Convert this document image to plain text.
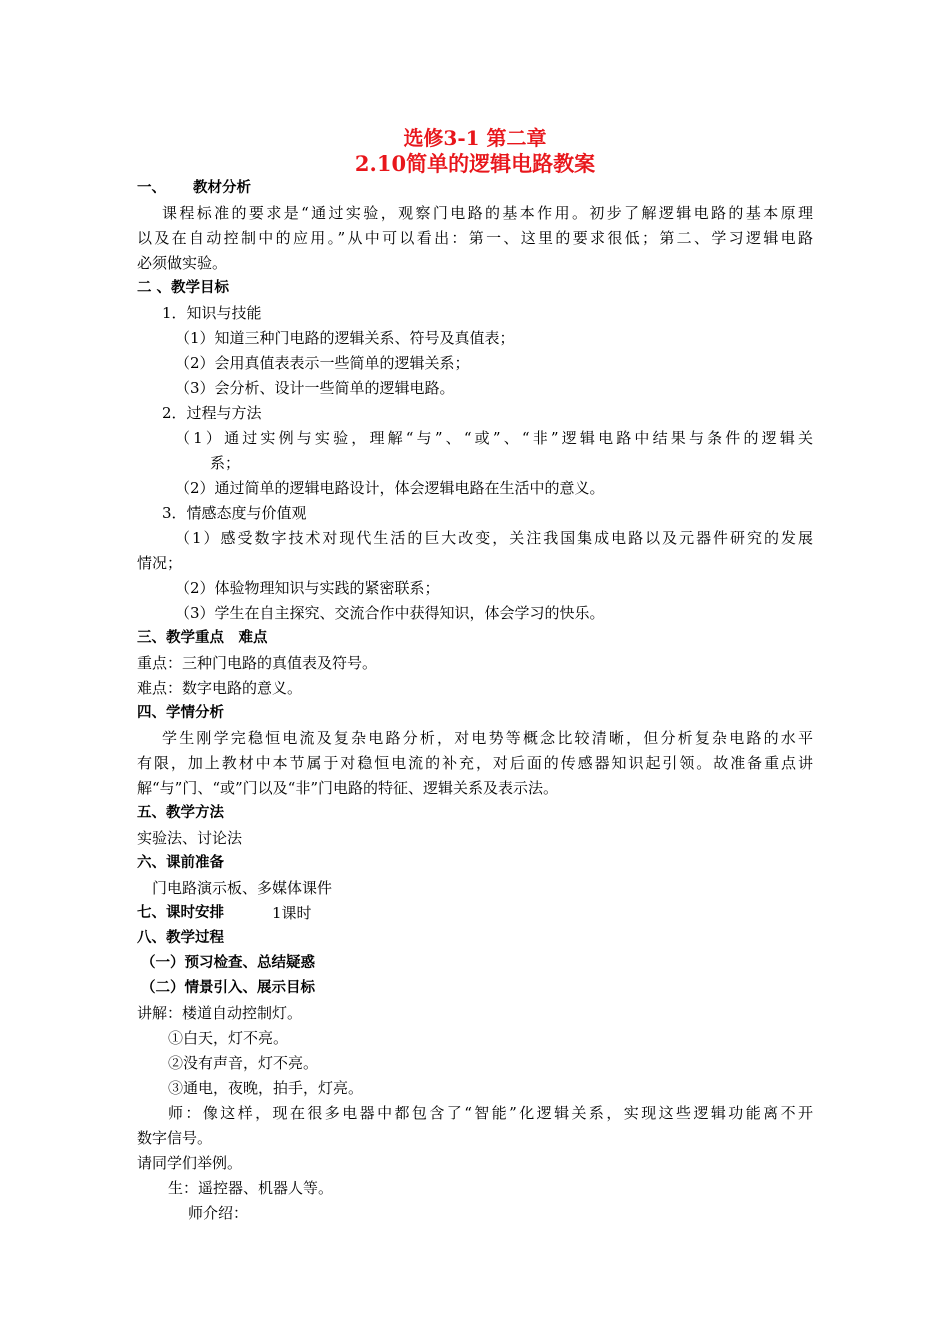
选修3-1 第二章
2.10简单的逻辑电路教案
一、 教材分析
课程标准的要求是“通过实验，观察门电路的基本作用。初步了解逻辑电路的基本原理
以及在自动控制中的应用。”从中可以看出：第一、这里的要求很低；第二、学习逻辑电路
必须做实验。
二 、教学目标
1．知识与技能
（1）知道三种门电路的逻辑关系、符号及真值表；
（2）会用真值表表示一些简单的逻辑关系；
（3）会分析、设计一些简单的逻辑电路。
2．过程与方法
（1）通过实例与实验，理解“与”、“或”、“非”逻辑电路中结果与条件的逻辑关
系；
（2）通过简单的逻辑电路设计，体会逻辑电路在生活中的意义。
3．情感态度与价值观
（1）感受数字技术对现代生活的巨大改变，关注我国集成电路以及元器件研究的发展
情况；
（2）体验物理知识与实践的紧密联系；
（3）学生在自主探究、交流合作中获得知识，体会学习的快乐。
三、教学重点　难点
重点：三种门电路的真值表及符号。
难点：数字电路的意义。
四、学情分析
学生刚学完稳恒电流及复杂电路分析，对电势等概念比较清晰，但分析复杂电路的水平
有限，加上教材中本节属于对稳恒电流的补充，对后面的传感器知识起引领。故准备重点讲
解“与”门、“或”门以及“非”门电路的特征、逻辑关系及表示法。
五、教学方法
实验法、讨论法
六、课前准备
门电路演示板、多媒体课件
七、课时安排	1课时
八、教学过程
（一）预习检查、总结疑惑
（二）情景引入、展示目标
讲解：楼道自动控制灯。
①白天，灯不亮。
②没有声音，灯不亮。
③通电，夜晚，拍手，灯亮。
师：像这样，现在很多电器中都包含了“智能”化逻辑关系，实现这些逻辑功能离不开
数字信号。
请同学们举例。
生：遥控器、机器人等。
师介绍：
